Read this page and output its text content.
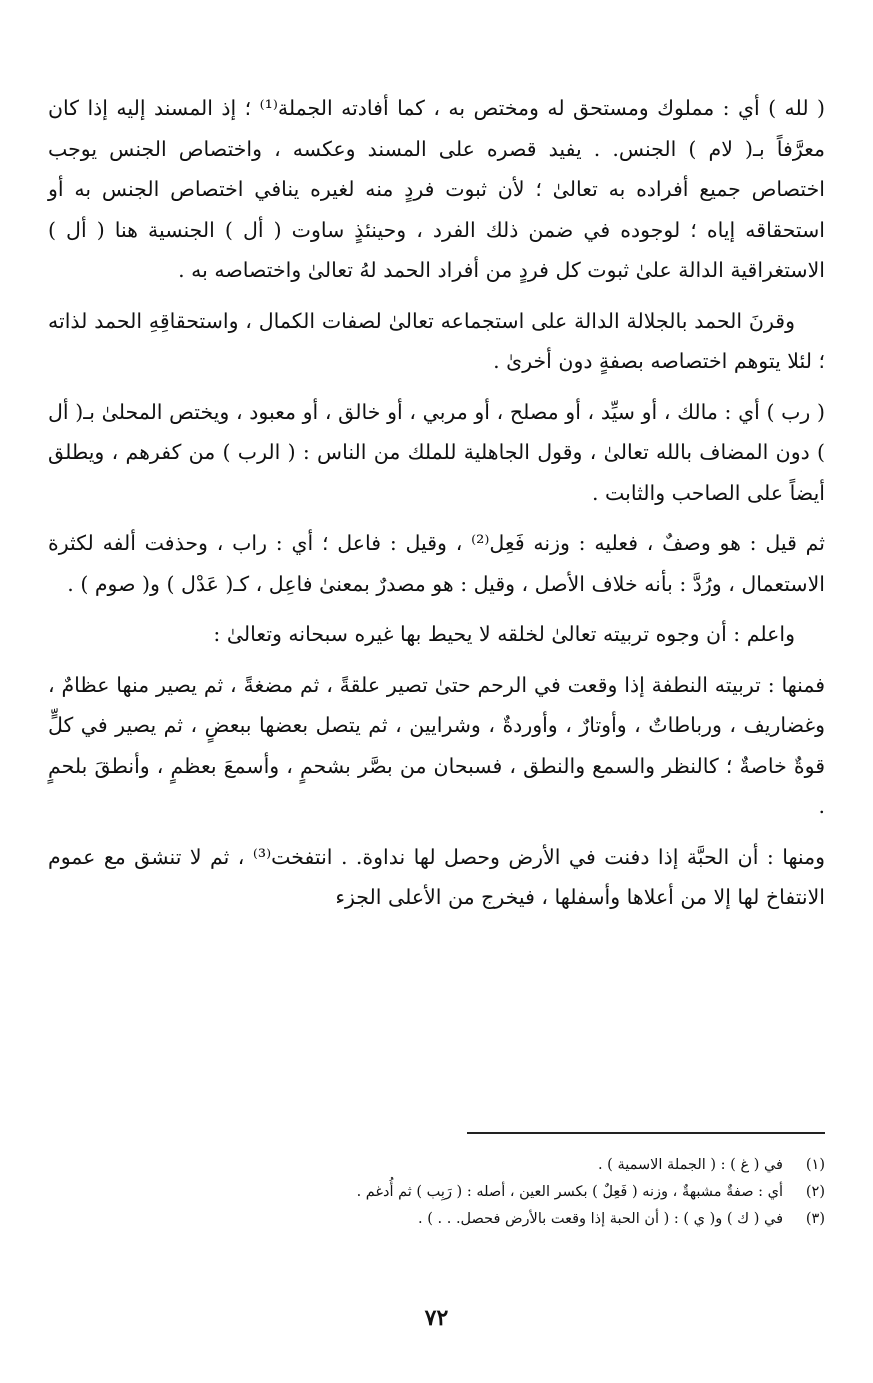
( لله ) أي : مملوك ومستحق له ومختص به ، كما أفادته الجملة⁽¹⁾ ؛ إذ المسند إليه إذا كان معرَّفاً بـ( لام ) الجنس. . يفيد قصره على المسند وعكسه ، واختصاص الجنس يوجب اختصاص جميع أفراده به تعالىٰ ؛ لأن ثبوت فردٍ منه لغيره ينافي اختصاص الجنس به أو استحقاقه إياه ؛ لوجوده في ضمن ذلك الفرد ، وحينئذٍ ساوت ( أل ) الجنسية هنا ( أل ) الاستغراقية الدالة علىٰ ثبوت كل فردٍ من أفراد الحمد لهُ تعالىٰ واختصاصه به .

وقرنَ الحمد بالجلالة الدالة على استجماعه تعالىٰ لصفات الكمال ، واستحقاقِهِ الحمد لذاته ؛ لئلا يتوهم اختصاصه بصفةٍ دون أخرىٰ .

( رب ) أي : مالك ، أو سيِّد ، أو مصلح ، أو مربي ، أو خالق ، أو معبود ، ويختص المحلىٰ بـ( أل ) دون المضاف بالله تعالىٰ ، وقول الجاهلية للملك من الناس : ( الرب ) من كفرهم ، ويطلق أيضاً على الصاحب والثابت .

ثم قيل : هو وصفٌ ، فعليه : وزنه فَعِل⁽²⁾ ، وقيل : فاعل ؛ أي : راب ، وحذفت ألفه لكثرة الاستعمال ، ورُدَّ : بأنه خلاف الأصل ، وقيل : هو مصدرٌ بمعنىٰ فاعِل ، كـ( عَدْل ) و( صوم ) .

واعلم : أن وجوه تربيته تعالىٰ لخلقه لا يحيط بها غيره سبحانه وتعالىٰ :

فمنها : تربيته النطفة إذا وقعت في الرحم حتىٰ تصير علقةً ، ثم مضغةً ، ثم يصير منها عظامٌ ، وغضاريف ، ورباطاتٌ ، وأوتارٌ ، وأوردةٌ ، وشرايين ، ثم يتصل بعضها ببعضٍ ، ثم يصير في كلٍّ قوةٌ خاصةٌ ؛ كالنظر والسمع والنطق ، فسبحان من بصَّر بشحمٍ ، وأسمعَ بعظمٍ ، وأنطقَ بلحمٍ .

ومنها : أن الحبَّة إذا دفنت في الأرض وحصل لها نداوة. . انتفخت⁽³⁾ ، ثم لا تنشق مع عموم الانتفاخ لها إلا من أعلاها وأسفلها ، فيخرج من الأعلى الجزء

(١)
في ( غ ) : ( الجملة الاسمية ) .
(٢)
أي : صفةٌ مشبهةٌ ، وزنه ( فَعِلٌ ) بكسر العين ، أصله : ( رَبِب ) ثم أُدغم .
(٣)
في ( ك ) و( ي ) : ( أن الحبة إذا وقعت بالأرض فحصل. . . ) .
٧٢
